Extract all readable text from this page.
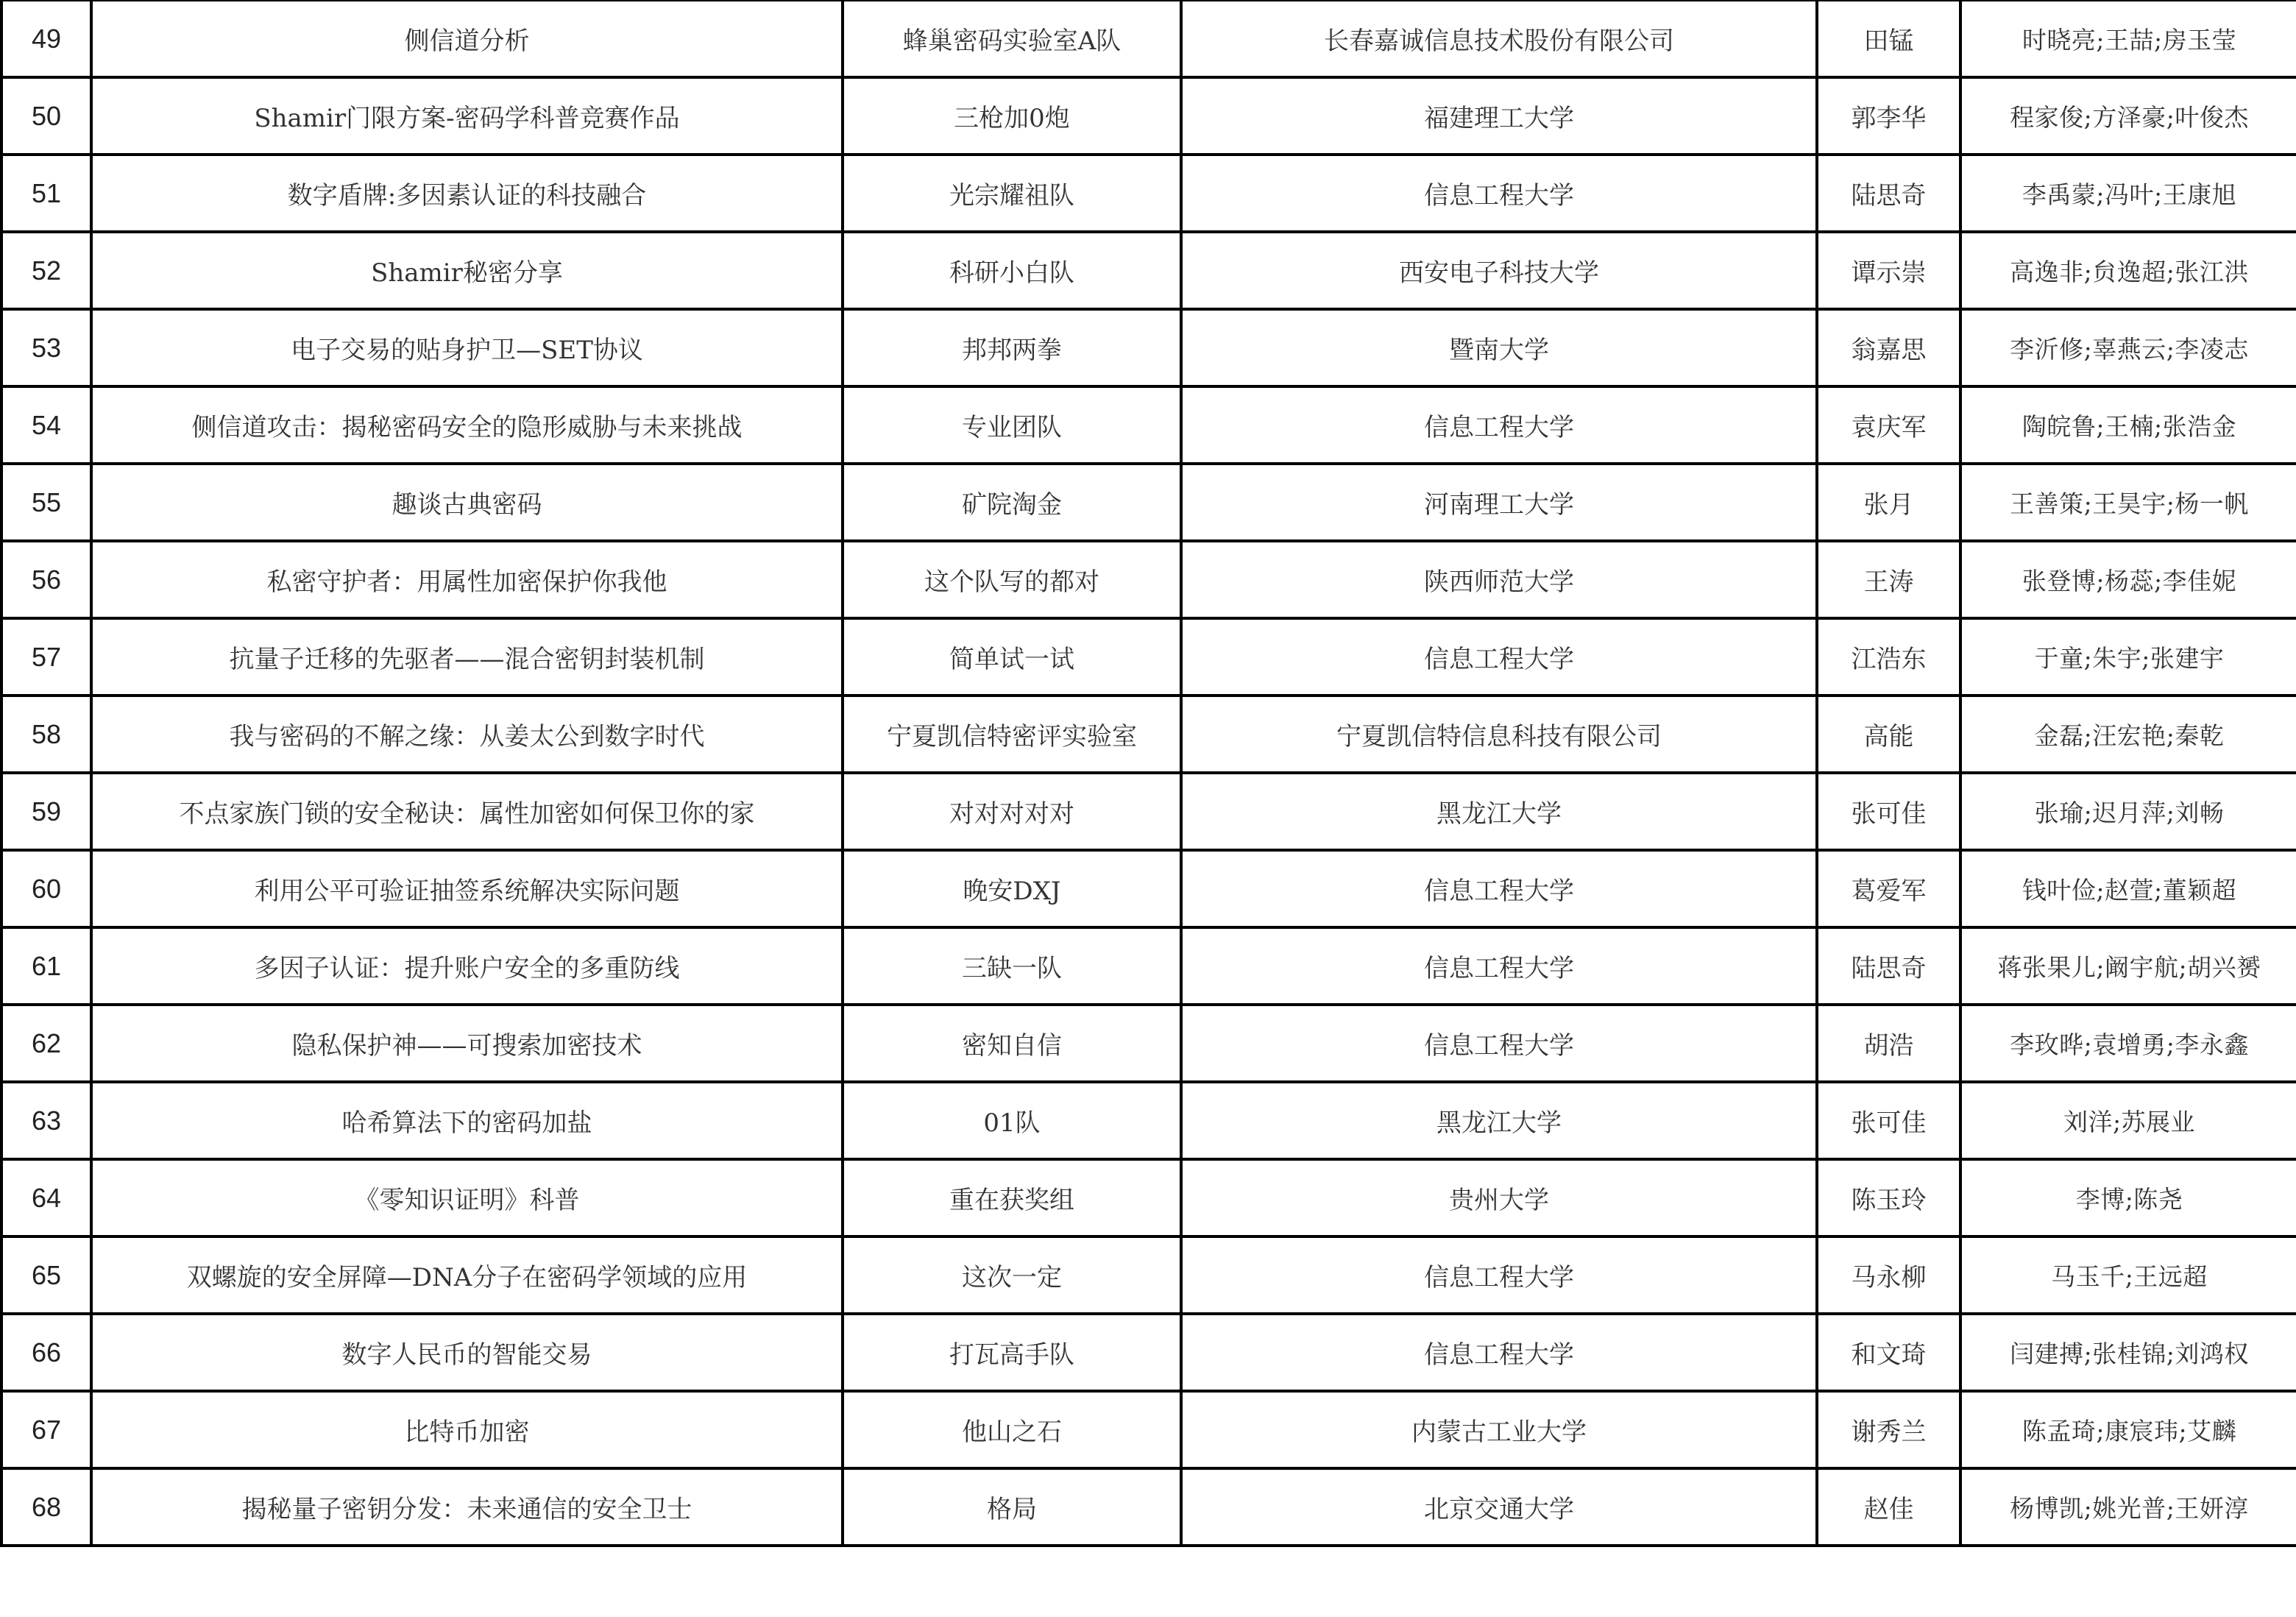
49	侧信道分析	蜂巢密码实验室A队	长春嘉诚信息技术股份有限公司	田锰	时晓亮;王喆;房玉莹
50	Shamir门限方案-密码学科普竞赛作品	三枪加0炮	福建理工大学	郭李华	程家俊;方泽豪;叶俊杰
51	数字盾牌:多因素认证的科技融合	光宗耀祖队	信息工程大学	陆思奇	李禹蒙;冯叶;王康旭
52	Shamir秘密分享	科研小白队	西安电子科技大学	谭示崇	高逸非;贠逸超;张江洪
53	电子交易的贴身护卫—SET协议	邦邦两拳	暨南大学	翁嘉思	李沂修;辜燕云;李凌志
54	侧信道攻击：揭秘密码安全的隐形威胁与未来挑战	专业团队	信息工程大学	袁庆军	陶皖鲁;王楠;张浩金
55	趣谈古典密码	矿院淘金	河南理工大学	张月	王善策;王昊宇;杨一帆
56	私密守护者：用属性加密保护你我他	这个队写的都对	陕西师范大学	王涛	张登博;杨蕊;李佳妮
57	抗量子迁移的先驱者——混合密钥封装机制	简单试一试	信息工程大学	江浩东	于童;朱宇;张建宇
58	我与密码的不解之缘：从姜太公到数字时代	宁夏凯信特密评实验室	宁夏凯信特信息科技有限公司	高能	金磊;汪宏艳;秦乾
59	不点家族门锁的安全秘诀：属性加密如何保卫你的家	对对对对对	黑龙江大学	张可佳	张瑜;迟月萍;刘畅
60	利用公平可验证抽签系统解决实际问题	晚安DXJ	信息工程大学	葛爱军	钱叶俭;赵萱;董颖超
61	多因子认证：提升账户安全的多重防线	三缺一队	信息工程大学	陆思奇	蒋张果儿;阚宇航;胡兴赟
62	隐私保护神——可搜索加密技术	密知自信	信息工程大学	胡浩	李玫晔;袁增勇;李永鑫
63	哈希算法下的密码加盐	01队	黑龙江大学	张可佳	刘洋;苏展业
64	《零知识证明》科普	重在获奖组	贵州大学	陈玉玲	李博;陈尧
65	双螺旋的安全屏障—DNA分子在密码学领域的应用	这次一定	信息工程大学	马永柳	马玉千;王远超
66	数字人民币的智能交易	打瓦高手队	信息工程大学	和文琦	闫建搏;张桂锦;刘鸿权
67	比特币加密	他山之石	内蒙古工业大学	谢秀兰	陈孟琦;康宸玮;艾麟
68	揭秘量子密钥分发：未来通信的安全卫士	格局	北京交通大学	赵佳	杨博凯;姚光普;王妍淳
